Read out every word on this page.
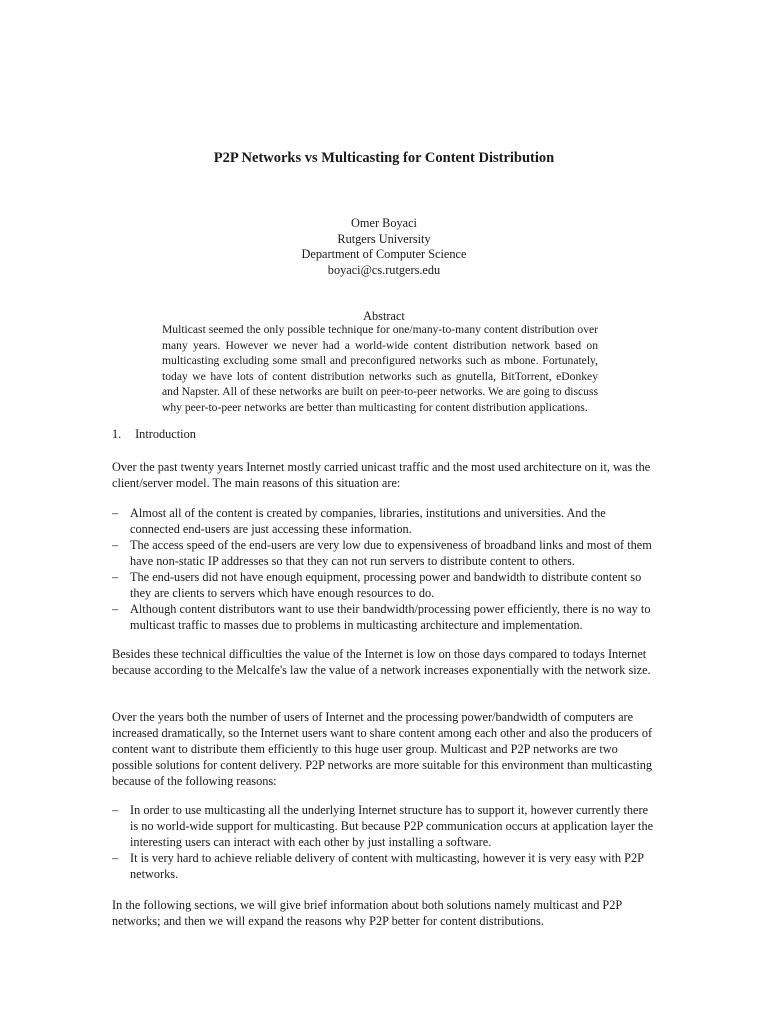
P2P Networks vs Multicasting for Content Distribution
Omer Boyaci
Rutgers University
Department of Computer Science
boyaci@cs.rutgers.edu
Abstract
Multicast seemed the only possible technique for one/many-to-many content distribution over many years. However we never had a world-wide content distribution network based on multicasting excluding some small and preconfigured networks such as mbone. Fortunately, today we have lots of content distribution networks such as gnutella, BitTorrent, eDonkey and Napster. All of these networks are built on peer-to-peer networks. We are going to discuss why peer-to-peer networks are better than multicasting for content distribution applications.
1. Introduction
Over the past twenty years Internet mostly carried unicast traffic and the most used architecture on it, was the client/server model. The main reasons of this situation are:
– Almost all of the content is created by companies, libraries, institutions and universities. And the connected end-users are just accessing these information.
– The access speed of the end-users are very low due to expensiveness of broadband links and most of them have non-static IP addresses so that they can not run servers to distribute content to others.
– The end-users did not have enough equipment, processing power and bandwidth to distribute content so they are clients to servers which have enough resources to do.
– Although content distributors want to use their bandwidth/processing power efficiently, there is no way to multicast traffic to masses due to problems in multicasting architecture and implementation.
Besides these technical difficulties the value of the Internet is low on those days compared to todays Internet because according to the Melcalfe's law the value of a network increases exponentially with the network size.
Over the years both the number of users of Internet and the processing power/bandwidth of computers are increased dramatically, so the Internet users want to share content among each other and also the producers of content want to distribute them efficiently to this huge user group. Multicast and P2P networks are two possible solutions for content delivery. P2P networks are more suitable for this environment than multicasting because of the following reasons:
– In order to use multicasting all the underlying Internet structure has to support it, however currently there is no world-wide support for multicasting. But because P2P communication occurs at application layer the interesting users can interact with each other by just installing a software.
– It is very hard to achieve reliable delivery of content with multicasting, however it is very easy with P2P networks.
In the following sections, we will give brief information about both solutions namely multicast and P2P networks; and then we will expand the reasons why P2P better for content distributions.
